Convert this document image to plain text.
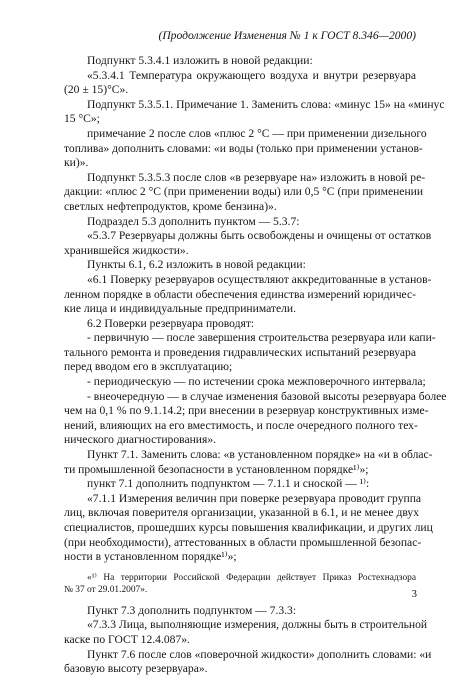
(Продолжение Изменения № 1 к ГОСТ 8.346—2000)
Подпункт 5.3.4.1 изложить в новой редакции:
«5.3.4.1 Температура окружающего воздуха и внутри резервуара
(20 ± 15)°С».
Подпункт 5.3.5.1. Примечание 1. Заменить слова: «минус 15» на «минус
15 °С»;
примечание 2 после слов «плюс 2 °С — при применении дизельного
топлива» дополнить словами: «и воды (только при применении установ-
ки)».
Подпункт 5.3.5.3 после слов «в резервуаре на» изложить в новой ре-
дакции: «плюс 2 °С (при применении воды) или 0,5 °С (при применении
светлых нефтепродуктов, кроме бензина)».
Подраздел 5.3 дополнить пунктом — 5.3.7:
«5.3.7 Резервуары должны быть освобождены и очищены от остатков
хранившейся жидкости».
Пункты 6.1, 6.2 изложить в новой редакции:
«6.1 Поверку резервуаров осуществляют аккредитованные в установ-
ленном порядке в области обеспечения единства измерений юридичес-
кие лица и индивидуальные предприниматели.
6.2 Поверки резервуара проводят:
- первичную — после завершения строительства резервуара или капи-
тального ремонта и проведения гидравлических испытаний резервуара
перед вводом его в эксплуатацию;
- периодическую — по истечении срока межповерочного интервала;
- внеочередную — в случае изменения базовой высоты резервуара более
чем на 0,1 % по 9.1.14.2; при внесении в резервуар конструктивных изме-
нений, влияющих на его вместимость, и после очередного полного тех-
нического диагностирования».
Пункт 7.1. Заменить слова: «в установленном порядке» на «и в облас-
ти промышленной безопасности в установленном порядке¹⁾»;
пункт 7.1 дополнить подпунктом — 7.1.1 и сноской — ¹⁾:
«7.1.1 Измерения величин при поверке резервуара проводит группа
лиц, включая поверителя организации, указанной в 6.1, и не менее двух
специалистов, прошедших курсы повышения квалификации, и других лиц
(при необходимости), аттестованных в области промышленной безопас-
ности в установленном порядке¹⁾»;
«¹⁾ На территории Российской Федерации действует Приказ Ростехнадзора
№ 37 от 29.01.2007».
Пункт 7.3 дополнить подпунктом — 7.3.3:
«7.3.3 Лица, выполняющие измерения, должны быть в строительной
каске по ГОСТ 12.4.087».
Пункт 7.6 после слов «поверочной жидкости» дополнить словами: «и
базовую высоту резервуара».
3
